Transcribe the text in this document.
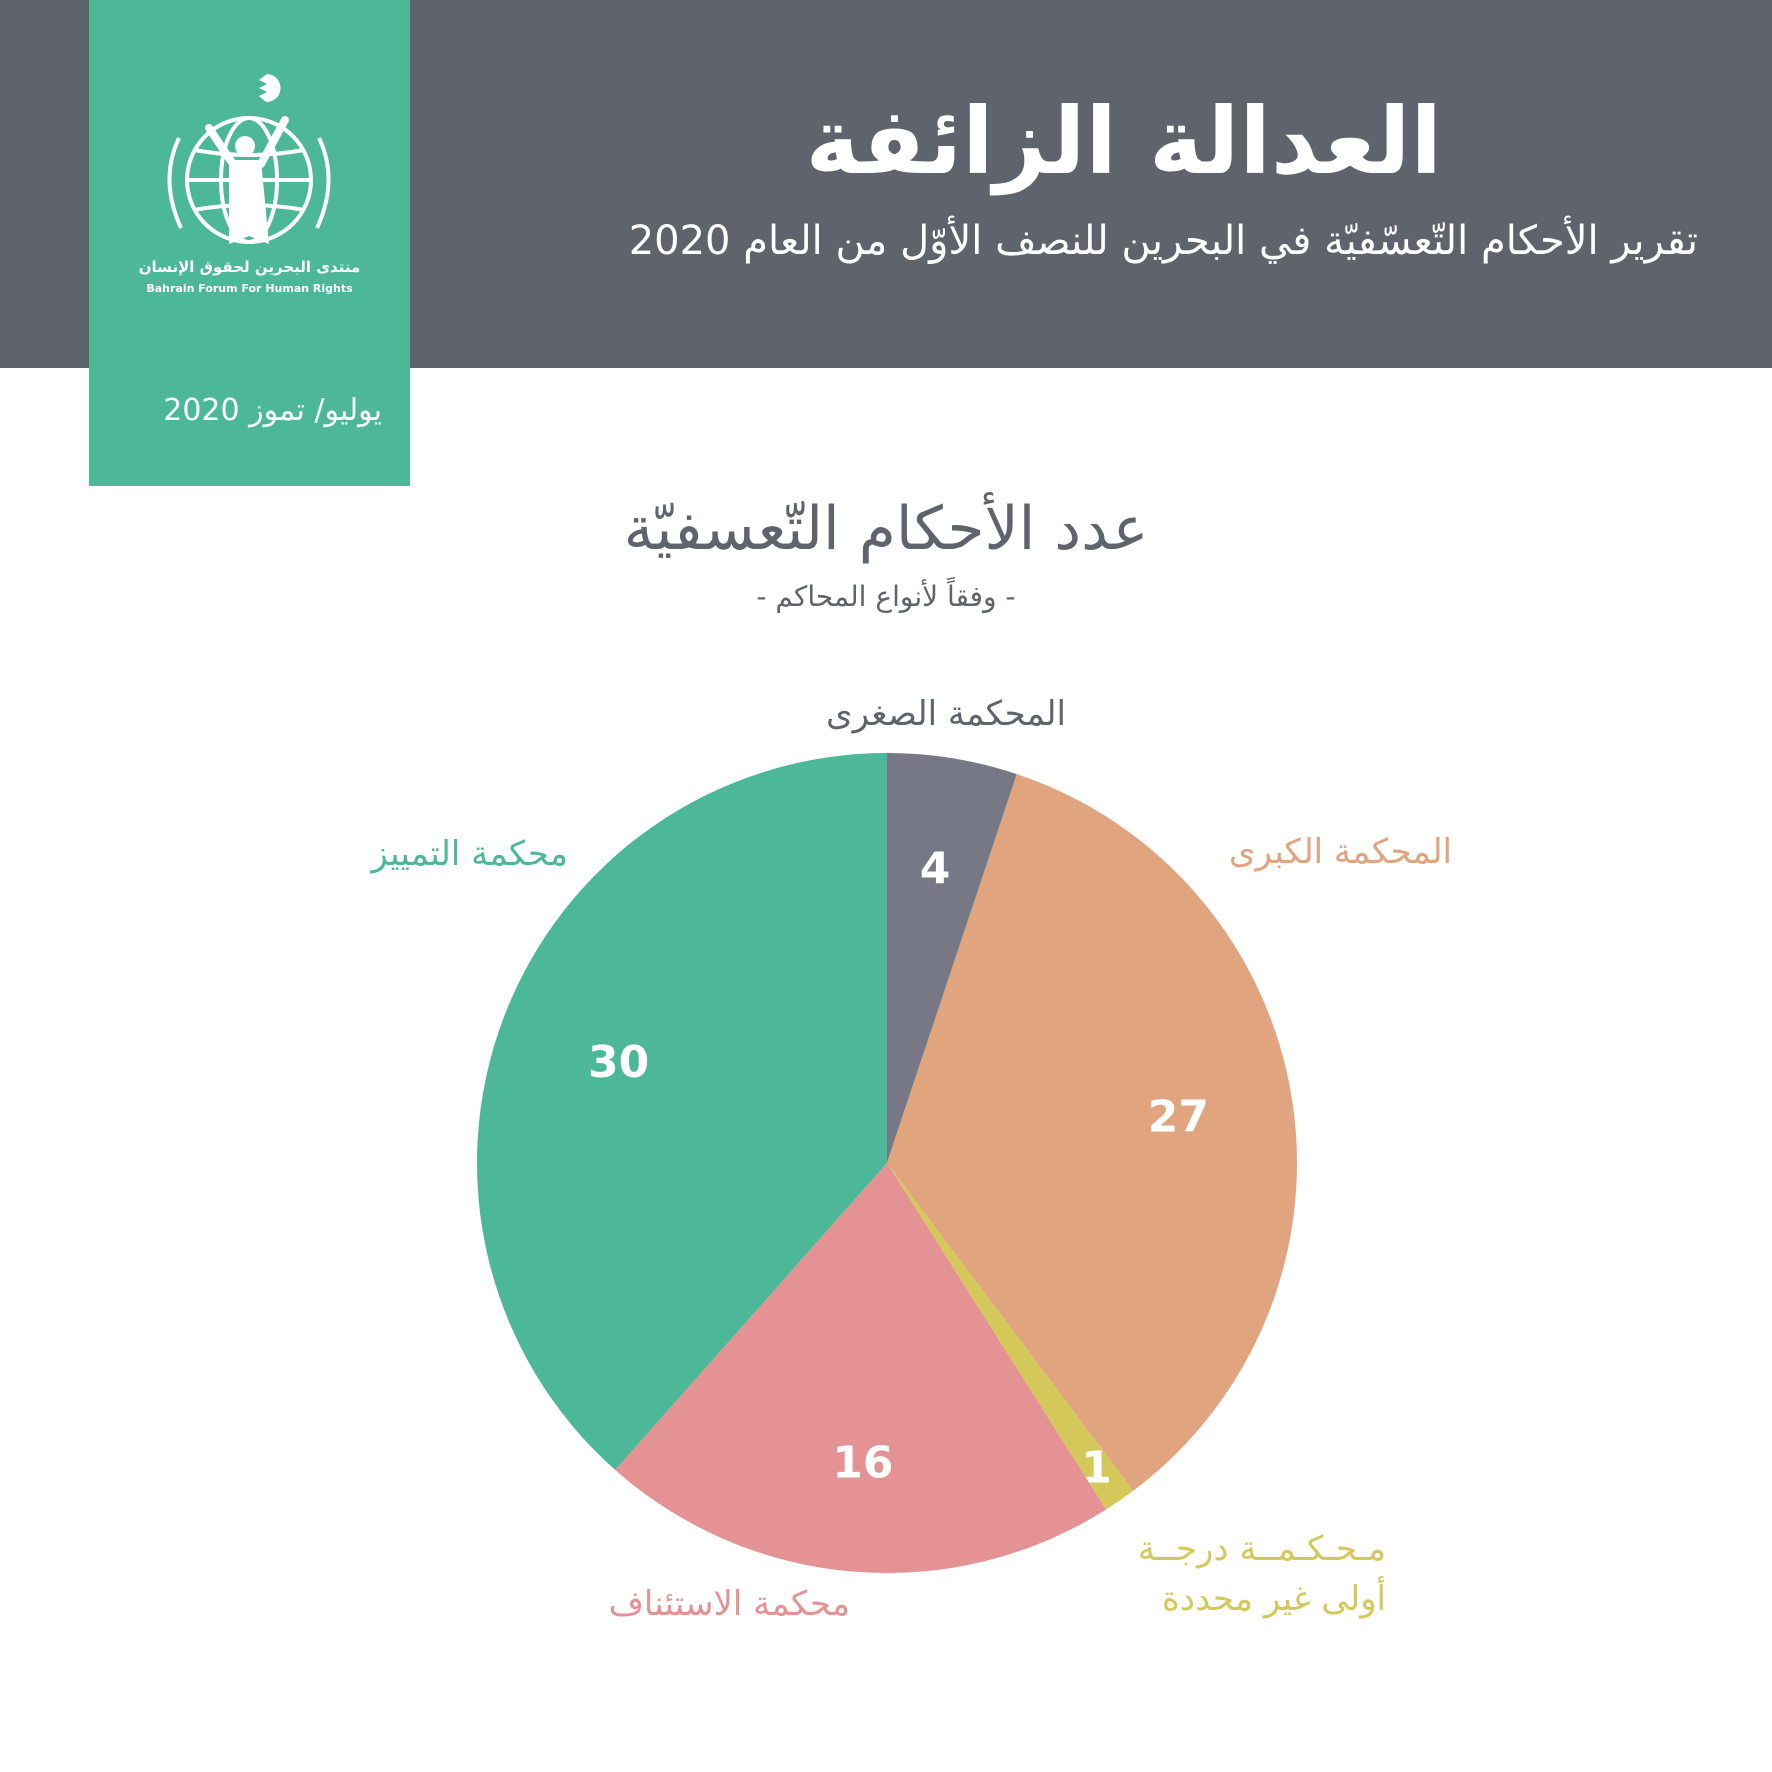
منتدى البحرين لحقوق الإنسان
Bahrain Forum For Human Rights
يوليو/ تموز 2020
العدالة الزائفة
تقرير الأحكام التّعسّفيّة في البحرين للنصف الأوّل من العام 2020
عدد الأحكام التّعسفيّة
- وفقاً لأنواع المحاكم -
4
27
1
16
30
المحكمة الصغرى
المحكمة الكبرى
مـحـكـمــة درجــة
أولى غير محددة
محكمة الاستئناف
محكمة التمييز
